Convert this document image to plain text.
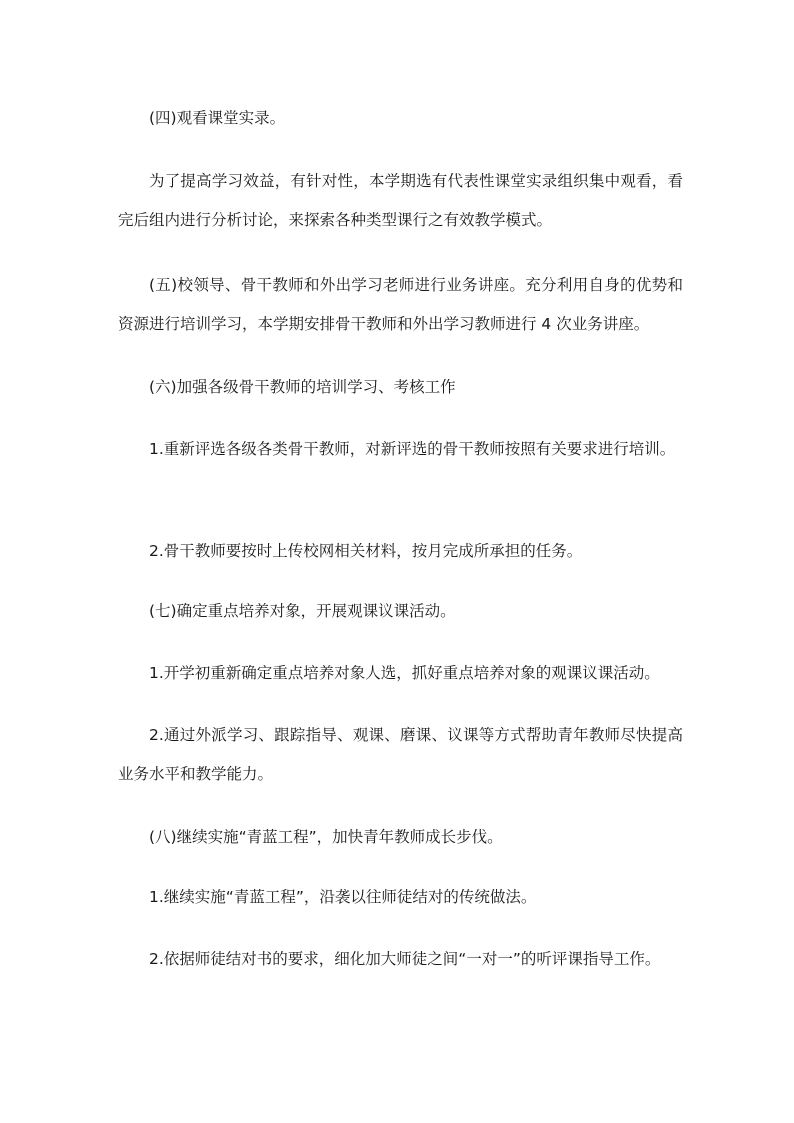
(四)观看课堂实录。

为了提高学习效益，有针对性，本学期选有代表性课堂实录组织集中观看，看完后组内进行分析讨论，来探索各种类型课行之有效教学模式。

(五)校领导、骨干教师和外出学习老师进行业务讲座。充分利用自身的优势和资源进行培训学习，本学期安排骨干教师和外出学习教师进行 4 次业务讲座。

(六)加强各级骨干教师的培训学习、考核工作

1.重新评选各级各类骨干教师，对新评选的骨干教师按照有关要求进行培训。

2.骨干教师要按时上传校网相关材料，按月完成所承担的任务。

(七)确定重点培养对象，开展观课议课活动。

1.开学初重新确定重点培养对象人选，抓好重点培养对象的观课议课活动。

2.通过外派学习、跟踪指导、观课、磨课、议课等方式帮助青年教师尽快提高业务水平和教学能力。

(八)继续实施“青蓝工程”，加快青年教师成长步伐。

1.继续实施“青蓝工程”，沿袭以往师徒结对的传统做法。

2.依据师徒结对书的要求，细化加大师徒之间“一对一”的听评课指导工作。
